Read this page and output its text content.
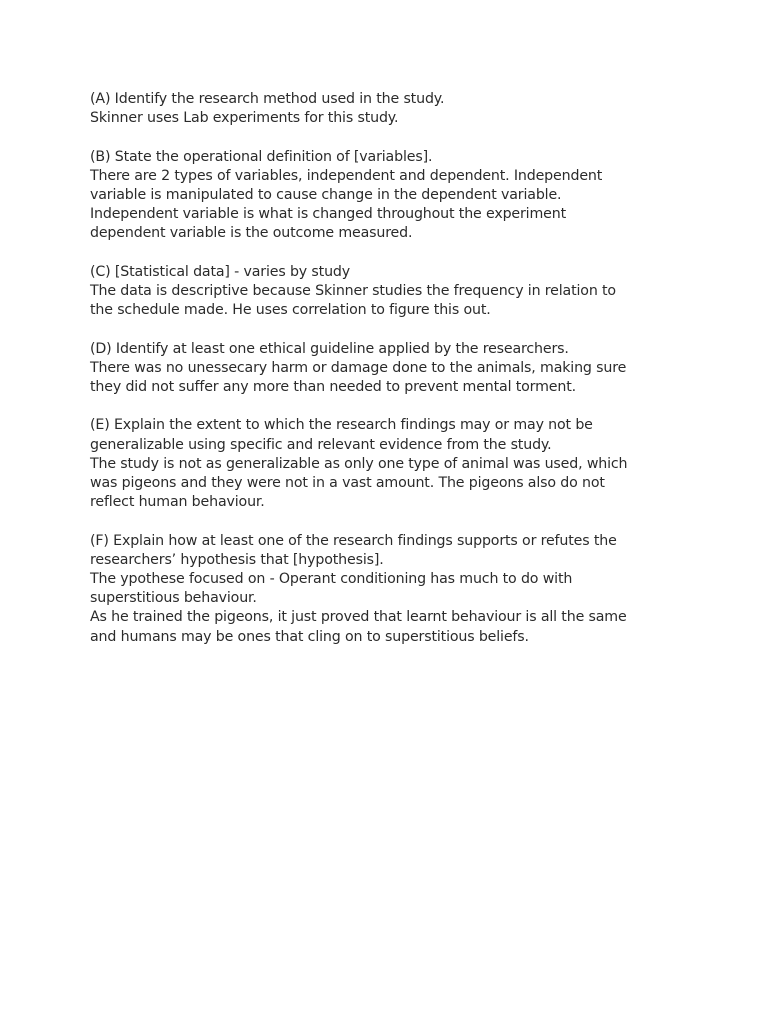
(A) Identify the research method used in the study.
Skinner uses Lab experiments for this study.
(B) State the operational definition of [variables].
There are 2 types of variables, independent and dependent. Independent
variable is manipulated to cause change in the dependent variable.
Independent variable is what is changed throughout the experiment
dependent variable is the outcome measured.
(C) [Statistical data] - varies by study
The data is descriptive because Skinner studies the frequency in relation to
the schedule made. He uses correlation to figure this out.
(D) Identify at least one ethical guideline applied by the researchers.
There was no unessecary harm or damage done to the animals, making sure
they did not suffer any more than needed to prevent mental torment.
(E) Explain the extent to which the research findings may or may not be
generalizable using specific and relevant evidence from the study.
The study is not as generalizable as only one type of animal was used, which
was pigeons and they were not in a vast amount. The pigeons also do not
reflect human behaviour.
(F) Explain how at least one of the research findings supports or refutes the
researchers’ hypothesis that [hypothesis].
The ypothese focused on - Operant conditioning has much to do with
superstitious behaviour.
As he trained the pigeons, it just proved that learnt behaviour is all the same
and humans may be ones that cling on to superstitious beliefs.
